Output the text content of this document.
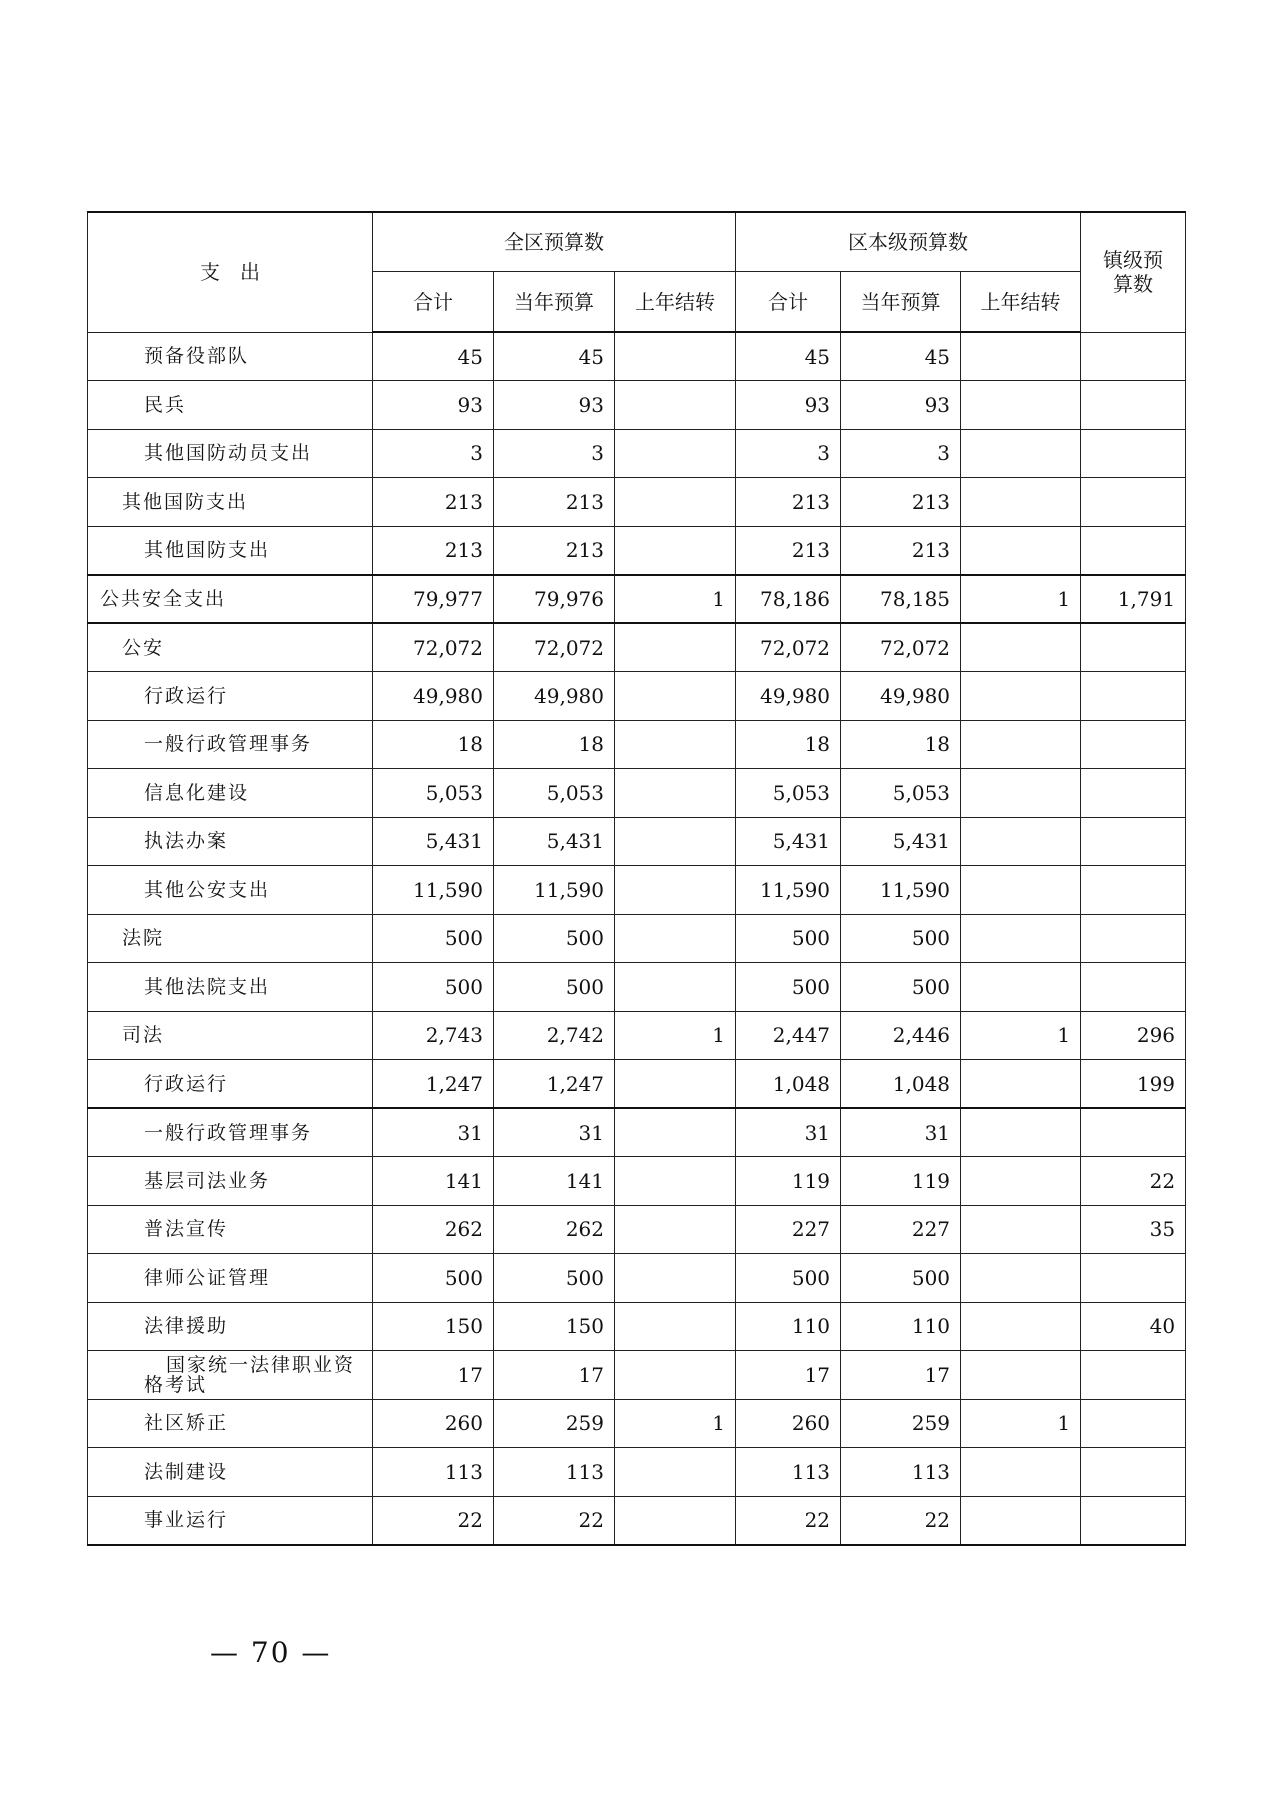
支　出	全区预算数			区本级预算数			镇级预
算数
	合计	当年预算	上年结转	合计	当年预算	上年结转	
预备役部队	45	45		45	45		
民兵	93	93		93	93		
其他国防动员支出	3	3		3	3		
其他国防支出	213	213		213	213		
其他国防支出	213	213		213	213		
公共安全支出	79,977	79,976	1	78,186	78,185	1	1,791
公安	72,072	72,072		72,072	72,072		
行政运行	49,980	49,980		49,980	49,980		
一般行政管理事务	18	18		18	18		
信息化建设	5,053	5,053		5,053	5,053		
执法办案	5,431	5,431		5,431	5,431		
其他公安支出	11,590	11,590		11,590	11,590		
法院	500	500		500	500		
其他法院支出	500	500		500	500		
司法	2,743	2,742	1	2,447	2,446	1	296
行政运行	1,247	1,247		1,048	1,048		199
一般行政管理事务	31	31		31	31		
基层司法业务	141	141		119	119		22
普法宣传	262	262		227	227		35
律师公证管理	500	500		500	500		
法律援助	150	150		110	110		40
国家统一法律职业资格考试	17	17		17	17		
社区矫正	260	259	1	260	259	1	
法制建设	113	113		113	113		
事业运行	22	22		22	22		
— 70 —
